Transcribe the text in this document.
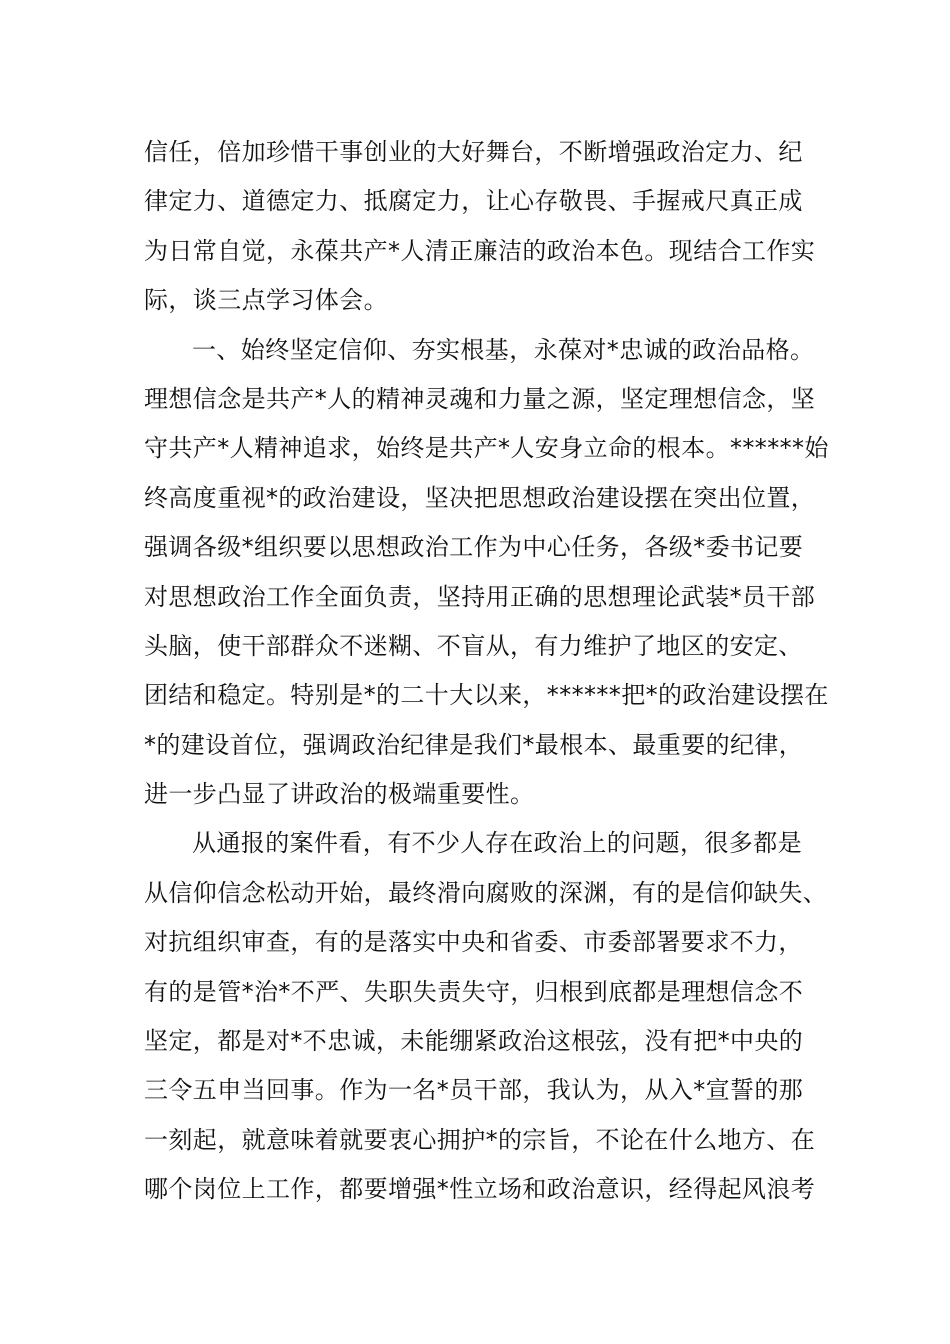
信任，倍加珍惜干事创业的大好舞台，不断增强政治定力、纪
律定力、道德定力、抵腐定力，让心存敬畏、手握戒尺真正成
为日常自觉，永葆共产*人清正廉洁的政治本色。现结合工作实
际，谈三点学习体会。
一、始终坚定信仰、夯实根基，永葆对*忠诚的政治品格。
理想信念是共产*人的精神灵魂和力量之源，坚定理想信念，坚
守共产*人精神追求，始终是共产*人安身立命的根本。******始
终高度重视*的政治建设，坚决把思想政治建设摆在突出位置，
强调各级*组织要以思想政治工作为中心任务，各级*委书记要
对思想政治工作全面负责，坚持用正确的思想理论武装*员干部
头脑，使干部群众不迷糊、不盲从，有力维护了地区的安定、
团结和稳定。特别是*的二十大以来，******把*的政治建设摆在
*的建设首位，强调政治纪律是我们*最根本、最重要的纪律，
进一步凸显了讲政治的极端重要性。
从通报的案件看，有不少人存在政治上的问题，很多都是
从信仰信念松动开始，最终滑向腐败的深渊，有的是信仰缺失、
对抗组织审查，有的是落实中央和省委、市委部署要求不力，
有的是管*治*不严、失职失责失守，归根到底都是理想信念不
坚定，都是对*不忠诚，未能绷紧政治这根弦，没有把*中央的
三令五申当回事。作为一名*员干部，我认为，从入*宣誓的那
一刻起，就意味着就要衷心拥护*的宗旨，不论在什么地方、在
哪个岗位上工作，都要增强*性立场和政治意识，经得起风浪考
